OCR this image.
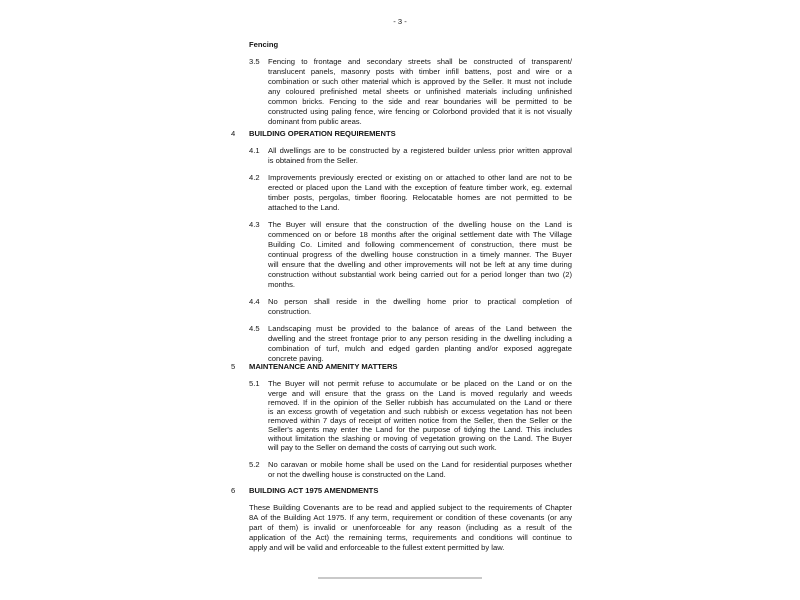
- 3 -
Fencing
3.5 Fencing to frontage and secondary streets shall be constructed of transparent/
translucent panels, masonry posts with timber infill battens, post and wire or a
combination or such other material which is approved by the Seller. It must not include
any coloured prefinished metal sheets or unfinished materials including unfinished
common bricks. Fencing to the side and rear boundaries will be permitted to be
constructed using paling fence, wire fencing or Colorbond provided that it is not visually
dominant from public areas.
4 BUILDING OPERATION REQUIREMENTS
4.1 All dwellings are to be constructed by a registered builder unless prior written approval
is obtained from the Seller.
4.2 Improvements previously erected or existing on or attached to other land are not to be
erected or placed upon the Land with the exception of feature timber work, eg. external
timber posts, pergolas, timber flooring. Relocatable homes are not permitted to be
attached to the Land.
4.3 The Buyer will ensure that the construction of the dwelling house on the Land is
commenced on or before 18 months after the original settlement date with The Village
Building Co. Limited and following commencement of construction, there must be
continual progress of the dwelling house construction in a timely manner. The Buyer
will ensure that the dwelling and other improvements will not be left at any time during
construction without substantial work being carried out for a period longer than two (2)
months.
4.4 No person shall reside in the dwelling home prior to practical completion of
construction.
4.5 Landscaping must be provided to the balance of areas of the Land between the
dwelling and the street frontage prior to any person residing in the dwelling including a
combination of turf, mulch and edged garden planting and/or exposed aggregate
concrete paving.
5 MAINTENANCE AND AMENITY MATTERS
5.1 The Buyer will not permit refuse to accumulate or be placed on the Land or on the
verge and will ensure that the grass on the Land is moved regularly and weeds
removed. If in the opinion of the Seller rubbish has accumulated on the Land or there
is an excess growth of vegetation and such rubbish or excess vegetation has not been
removed within 7 days of receipt of written notice from the Seller, then the Seller or the
Seller's agents may enter the Land for the purpose of tidying the Land. This includes
without limitation the slashing or moving of vegetation growing on the Land. The Buyer
will pay to the Seller on demand the costs of carrying out such work.
5.2 No caravan or mobile home shall be used on the Land for residential purposes whether
or not the dwelling house is constructed on the Land.
6 BUILDING ACT 1975 AMENDMENTS
These Building Covenants are to be read and applied subject to the requirements of Chapter
8A of the Building Act 1975. If any term, requirement or condition of these covenants (or any
part of them) is invalid or unenforceable for any reason (including as a result of the
application of the Act) the remaining terms, requirements and conditions will continue to
apply and will be valid and enforceable to the fullest extent permitted by law.
